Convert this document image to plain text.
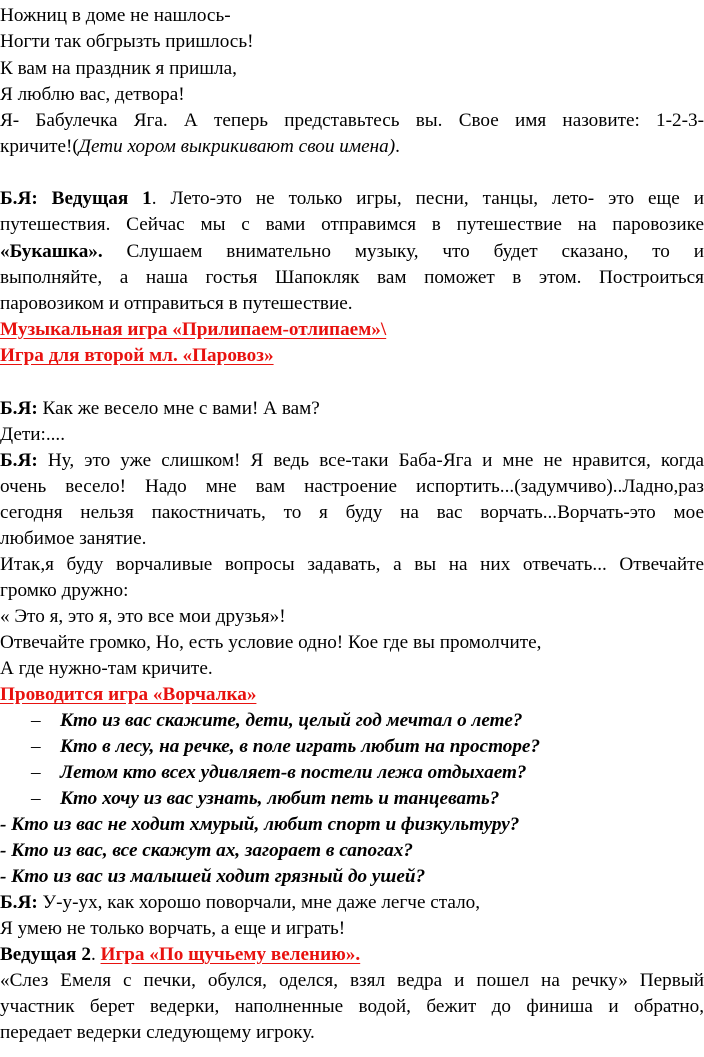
Ножниц в доме не нашлось-
Ногти так обгрызть пришлось!
К вам на праздник я пришла,
Я люблю вас, детвора!
Я- Бабулечка Яга. А теперь представьтесь вы. Свое имя назовите: 1-2-3-
кричите!(Дети хором выкрикивают свои имена).
Б.Я: Ведущая 1. Лето-это не только игры, песни, танцы, лето- это еще и
путешествия. Сейчас мы с вами отправимся в путешествие на паровозике
«Букашка». Слушаем внимательно музыку, что будет сказано, то и
выполняйте, а наша гостья Шапокляк вам поможет в этом. Построиться
паровозиком и отправиться в путешествие.
Музыкальная игра «Прилипаем-отлипаем»\
Игра для второй мл. «Паровоз»
Б.Я: Как же весело мне с вами! А вам?
Дети:....
Б.Я: Ну, это уже слишком! Я ведь все-таки Баба-Яга и мне не нравится, когда
очень весело! Надо мне вам настроение испортить...(задумчиво)..Ладно,раз
сегодня нельзя пакостничать, то я буду на вас ворчать...Ворчать-это мое
любимое занятие.
Итак,я буду ворчаливые вопросы задавать, а вы на них отвечать... Отвечайте
громко дружно:
« Это я, это я, это все мои друзья»!
Отвечайте громко, Но, есть условие одно! Кое где вы промолчите,
А где нужно-там кричите.
Проводится игра «Ворчалка»
– Кто из вас скажите, дети, целый год мечтал о лете?
– Кто в лесу, на речке, в поле играть любит на просторе?
– Летом кто всех удивляет-в постели лежа отдыхает?
– Кто хочу из вас узнать, любит петь и танцевать?
- Кто из вас не ходит хмурый, любит спорт и физкультуру?
- Кто из вас, все скажут ах, загорает в сапогах?
- Кто из вас из малышей ходит грязный до ушей?
Б.Я: У-у-ух, как хорошо поворчали, мне даже легче стало,
Я умею не только ворчать, а еще и играть!
Ведущая 2. Игра «По щучьему велению».
«Слез Емеля с печки, обулся, оделся, взял ведра и пошел на речку» Первый
участник берет ведерки, наполненные водой, бежит до финиша и обратно,
передает ведерки следующему игроку.
